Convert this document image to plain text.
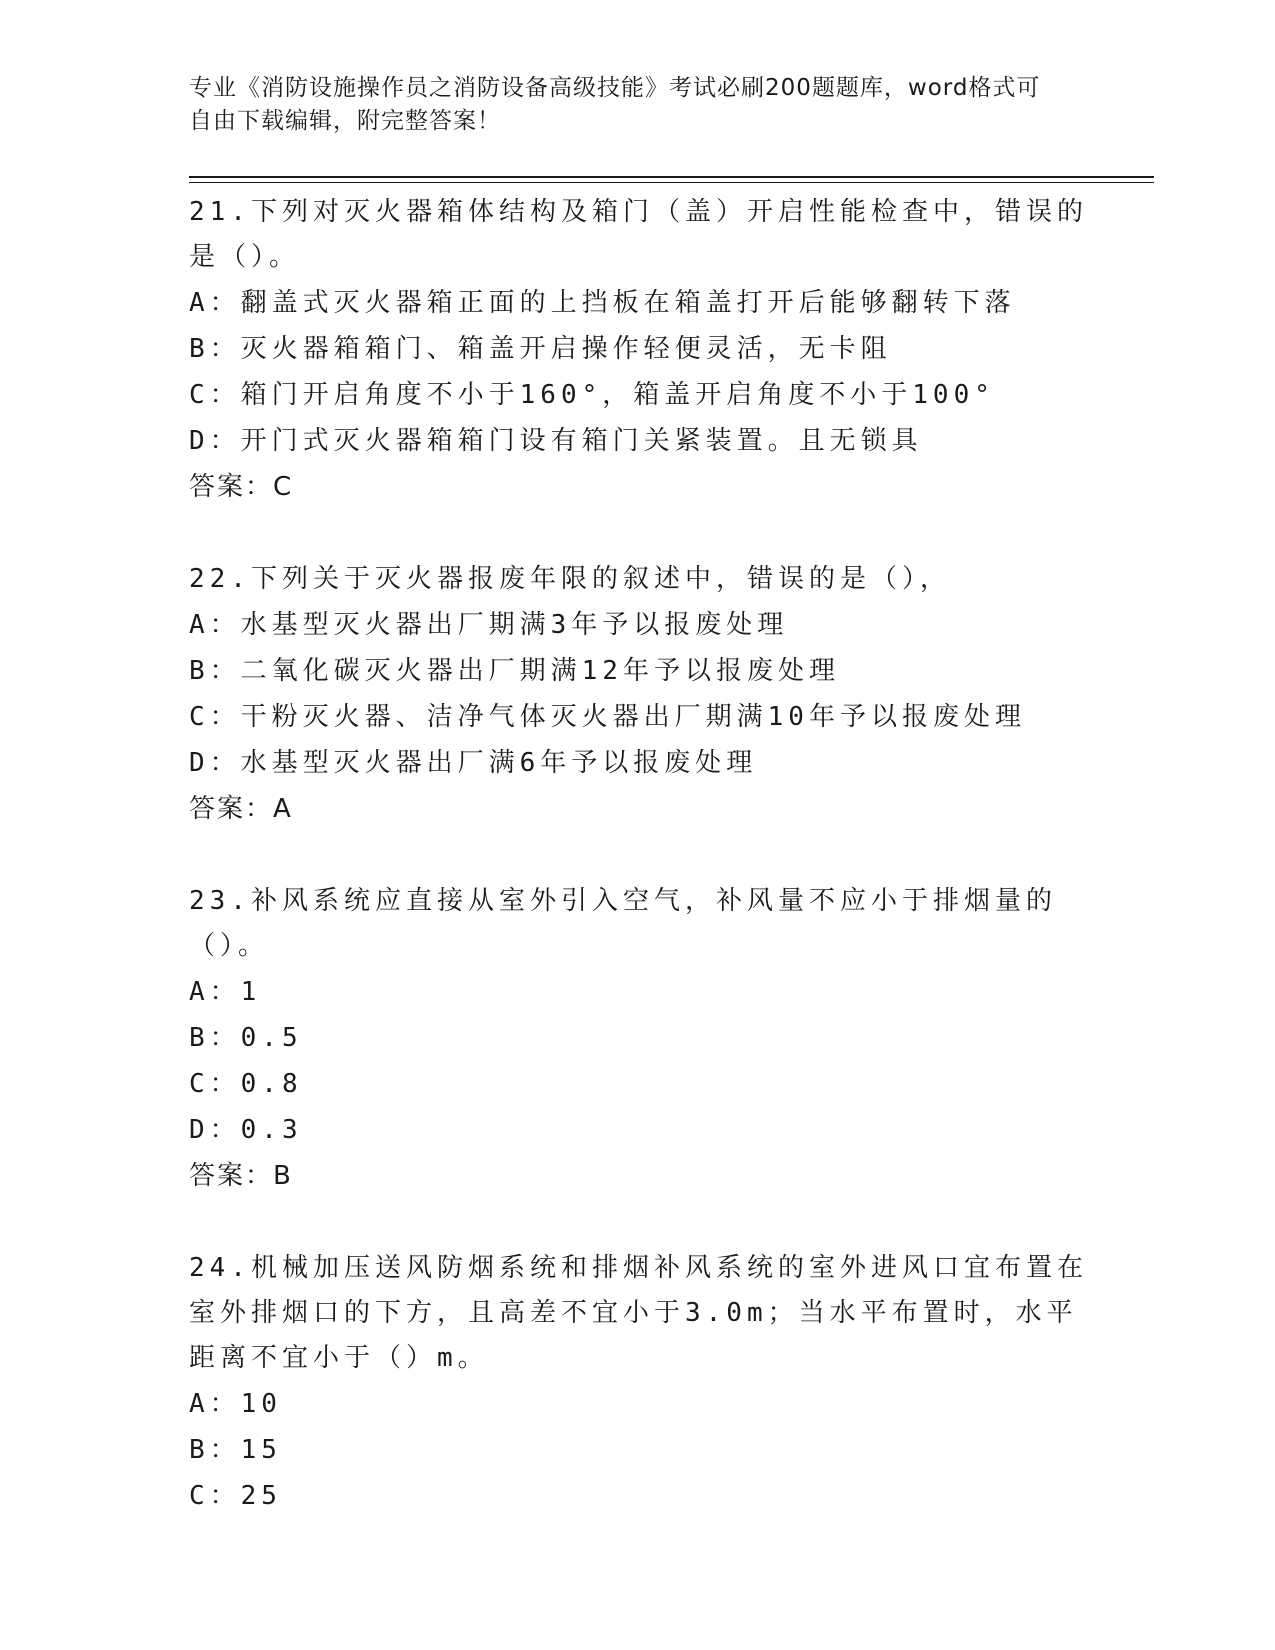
专业《消防设施操作员之消防设备高级技能》考试必刷200题题库，word格式可
自由下载编辑，附完整答案！

21.下列对灭火器箱体结构及箱门（盖）开启性能检查中，错误的是（）。

A：翻盖式灭火器箱正面的上挡板在箱盖打开后能够翻转下落

B：灭火器箱箱门、箱盖开启操作轻便灵活，无卡阻

C：箱门开启角度不小于160°，箱盖开启角度不小于100°

D：开门式灭火器箱箱门设有箱门关紧装置。且无锁具

答案：C

22.下列关于灭火器报废年限的叙述中，错误的是（），

A：水基型灭火器出厂期满3年予以报废处理

B：二氧化碳灭火器出厂期满12年予以报废处理

C：干粉灭火器、洁净气体灭火器出厂期满10年予以报废处理

D：水基型灭火器出厂满6年予以报废处理

答案：A

23.补风系统应直接从室外引入空气，补风量不应小于排烟量的（）。

A：1

B：0.5

C：0.8

D：0.3

答案：B

24.机械加压送风防烟系统和排烟补风系统的室外进风口宜布置在室外排烟口的下方，且高差不宜小于3.0m；当水平布置时，水平距离不宜小于（）m。

A：10

B：15

C：25
